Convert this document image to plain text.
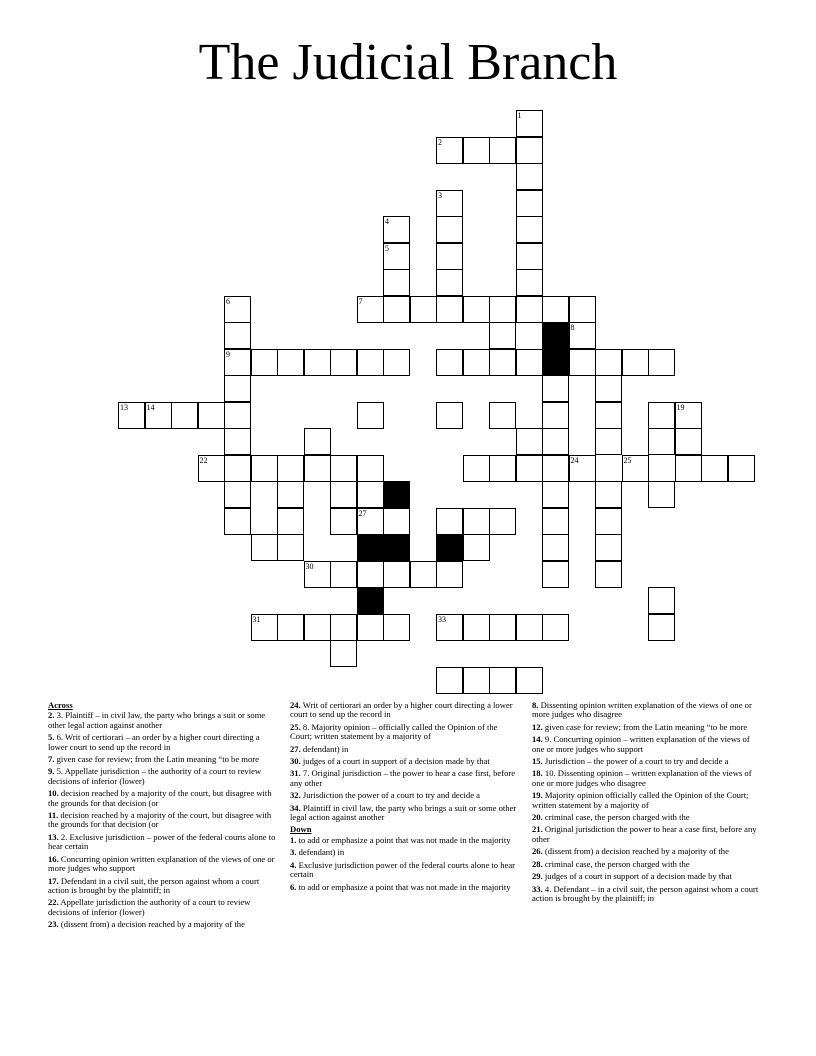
The Judicial Branch
1
2
3
4
5
6	7
8
9	11
13 14	19
22	24	25
26
27
30
31	33
Across
2. 3. Plaintiff – in civil law, the party who brings a suit or some other legal action against another
5. 6. Writ of certiorari – an order by a higher court directing a lower court to send up the record in
7. given case for review; from the Latin meaning “to be more
9. 5. Appellate jurisdiction – the authority of a court to review decisions of inferior (lower)
10. decision reached by a majority of the court, but disagree with the grounds for that decision (or
11. decision reached by a majority of the court, but disagree with the grounds for that decision (or
13. 2. Exclusive jurisdiction – power of the federal courts alone to hear certain
16. Concurring opinion written explanation of the views of one or more judges who support
17. Defendant in a civil suit, the person against whom a court action is brought by the plaintiff; in
22. Appellate jurisdiction the authority of a court to review decisions of inferior (lower)
23. (dissent from) a decision reached by a majority of the
24. Writ of certiorari an order by a higher court directing a lower court to send up the record in
25. 8. Majority opinion – officially called the Opinion of the Court; written statement by a majority of
27. defendant) in
30. judges of a court in support of a decision made by that
31. 7. Original jurisdiction – the power to hear a case first, before any other
32. Jurisdiction the power of a court to try and decide a
34. Plaintiff in civil law, the party who brings a suit or some other legal action against another
Down
1. to add or emphasize a point that was not made in the majority
3. defendant) in
4. Exclusive jurisdiction power of the federal courts alone to hear certain
6. to add or emphasize a point that was not made in the majority
8. Dissenting opinion written explanation of the views of one or more judges who disagree
12. given case for review; from the Latin meaning “to be more
14. 9. Concurring opinion – written explanation of the views of one or more judges who support
15. Jurisdiction – the power of a court to try and decide a
18. 10. Dissenting opinion – written explanation of the views of one or more judges who disagree
19. Majority opinion officially called the Opinion of the Court; written statement by a majority of
20. criminal case, the person charged with the
21. Original jurisdiction the power to hear a case first, before any other
26. (dissent from) a decision reached by a majority of the
28. criminal case, the person charged with the
29. judges of a court in support of a decision made by that
33. 4. Defendant – in a civil suit, the person against whom a court action is brought by the plaintiff; in
